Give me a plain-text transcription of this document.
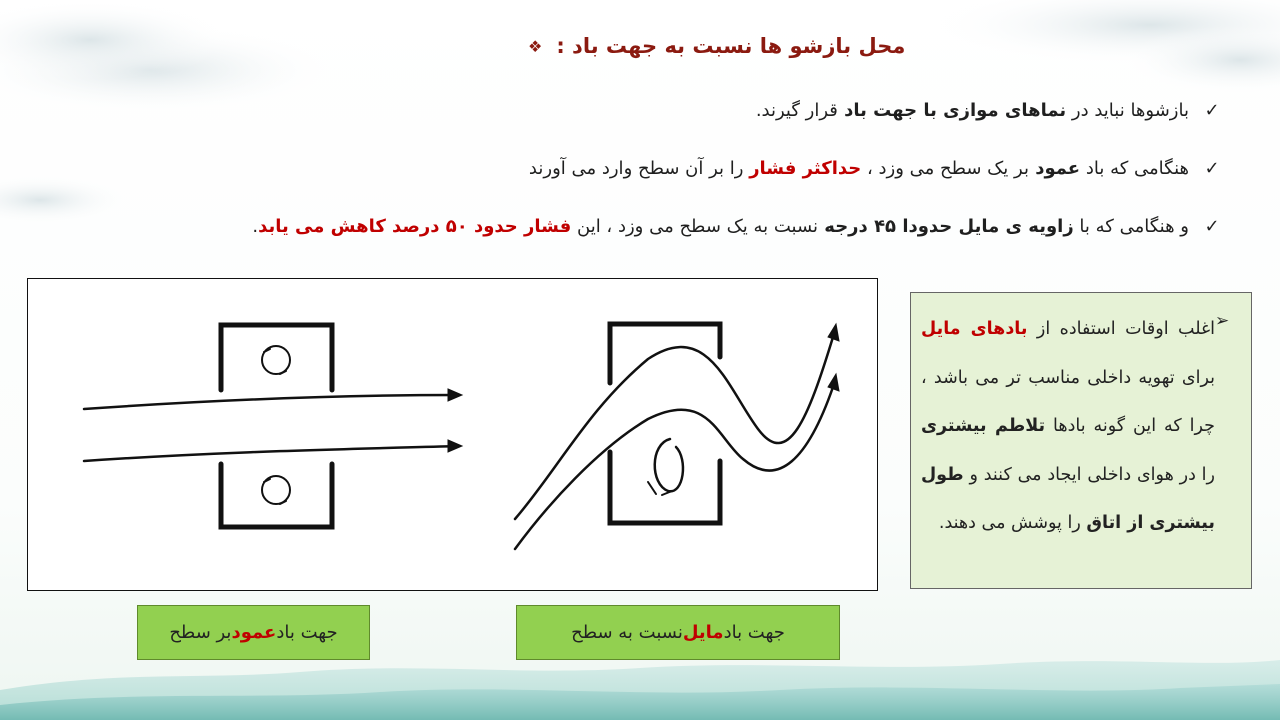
❖ محل بازشو ها نسبت به جهت باد :
✓
بازشوها نباید در نماهای موازی با جهت باد قرار گیرند.
✓
هنگامی که باد عمود بر یک سطح می وزد ، حداکثر فشار را بر آن سطح وارد می آورند
✓
و هنگامی که با زاویه ی مایل حدودا ۴۵ درجه نسبت به یک سطح می وزد ، این فشار حدود ۵۰ درصد کاهش می یابد.
➢
اغلب اوقات استفاده از بادهای مایل برای تهویه داخلی مناسب تر می باشد ، چرا که این گونه بادها تلاطم بیشتری را در هوای داخلی ایجاد می کنند و طول بیشتری از اتاق را پوشش می دهند.
جهت باد
عمود
بر سطح	جهت باد
مایل
نسبت به سطح
